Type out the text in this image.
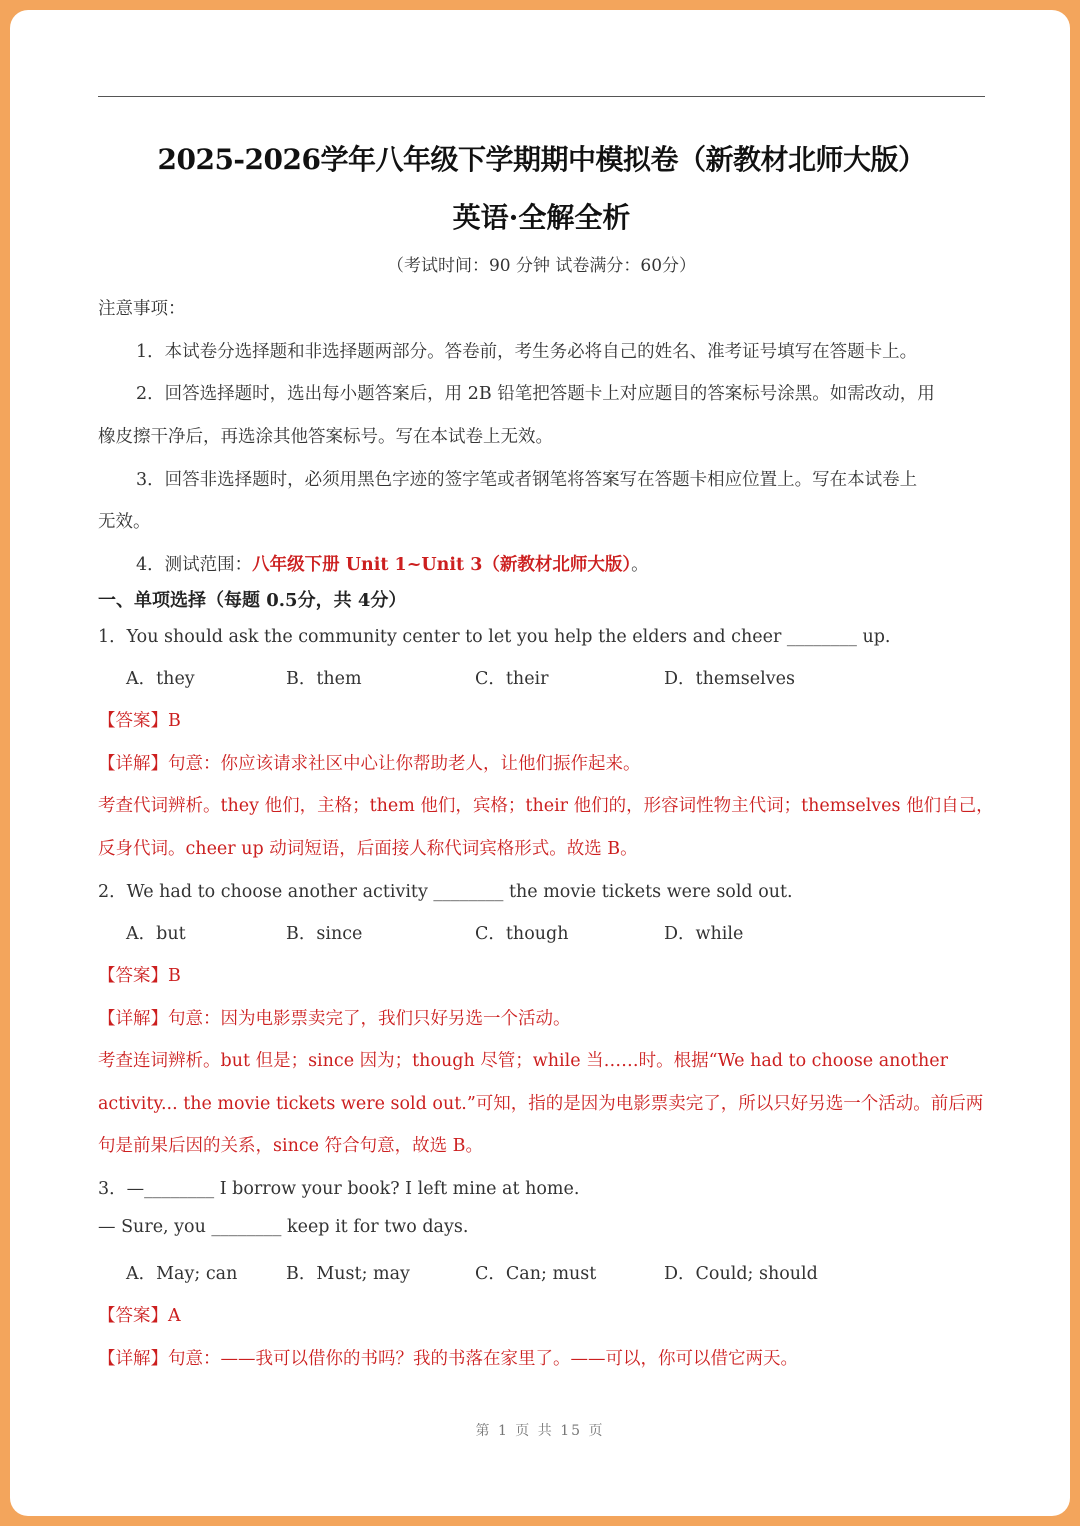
2025-2026学年八年级下学期期中模拟卷（新教材北师大版）
英语·全解全析
（考试时间：90 分钟 试卷满分：60分）
注意事项：
1．本试卷分选择题和非选择题两部分。答卷前，考生务必将自己的姓名、准考证号填写在答题卡上。
2．回答选择题时，选出每小题答案后，用 2B 铅笔把答题卡上对应题目的答案标号涂黑。如需改动，用
橡皮擦干净后，再选涂其他答案标号。写在本试卷上无效。
3．回答非选择题时，必须用黑色字迹的签字笔或者钢笔将答案写在答题卡相应位置上。写在本试卷上
无效。
4．测试范围：八年级下册 Unit 1~Unit 3（新教材北师大版）。
一、单项选择（每题 0.5分，共 4分）
1．You should ask the community center to let you help the elders and cheer ________ up.
A．they	B．them	C．their	D．themselves
【答案】B
【详解】句意：你应该请求社区中心让你帮助老人，让他们振作起来。
考查代词辨析。they 他们，主格；them 他们，宾格；their 他们的，形容词性物主代词；themselves 他们自己，
反身代词。cheer up 动词短语，后面接人称代词宾格形式。故选 B。
2．We had to choose another activity ________ the movie tickets were sold out.
A．but	B．since	C．though	D．while
【答案】B
【详解】句意：因为电影票卖完了，我们只好另选一个活动。
考查连词辨析。but 但是；since 因为；though 尽管；while 当……时。根据“We had to choose another
activity... the movie tickets were sold out.”可知，指的是因为电影票卖完了，所以只好另选一个活动。前后两
句是前果后因的关系，since 符合句意，故选 B。
3．—________ I borrow your book? I left mine at home.
— Sure, you ________ keep it for two days.
A．May; can	B．Must; may	C．Can; must	D．Could; should
【答案】A
【详解】句意：——我可以借你的书吗？我的书落在家里了。——可以，你可以借它两天。
第 1 页 共 15 页
